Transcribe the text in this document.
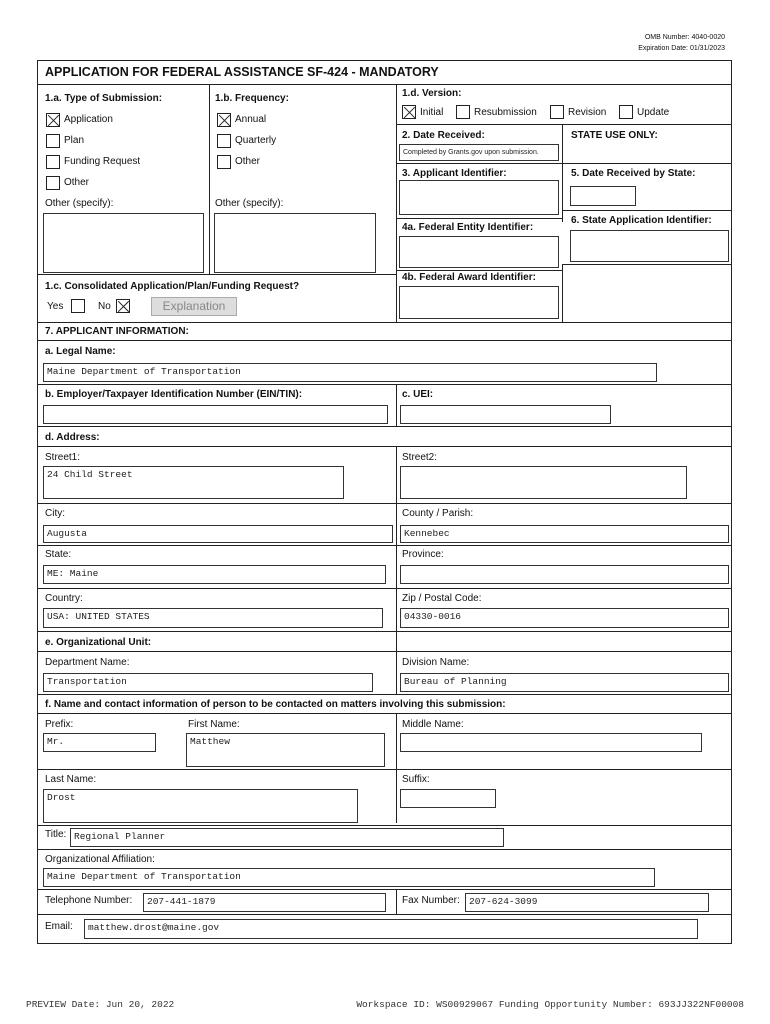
OMB Number: 4040-0020
Expiration Date: 01/31/2023
APPLICATION FOR FEDERAL ASSISTANCE SF-424 - MANDATORY
1.a. Type of Submission:
Application
Plan
Funding Request
Other
Other (specify):
1.b. Frequency:
Annual
Quarterly
Other
Other (specify):
1.c. Consolidated Application/Plan/Funding Request?
Yes	No	Explanation
1.d. Version:
Initial	Resubmission	Revision	Update
2. Date Received:
Completed by Grants.gov upon submission.
STATE USE ONLY:
3. Applicant Identifier:	5. Date Received by State:
6. State Application Identifier:
4a. Federal Entity Identifier:
4b. Federal Award Identifier:
7. APPLICANT INFORMATION:
a. Legal Name:
Maine Department of Transportation
b. Employer/Taxpayer Identification Number (EIN/TIN):	c. UEI:
d. Address:
Street1:
24 Child Street
Street2:
City:
Augusta
County / Parish:
Kennebec
State:
ME: Maine
Province:
Country:
USA: UNITED STATES
Zip / Postal Code:
04330-0016
e. Organizational Unit:
Department Name:
Transportation
Division Name:
Bureau of Planning
f. Name and contact information of person to be contacted on matters involving this submission:
Prefix:
Mr.
First Name:
Matthew
Middle Name:
Last Name:
Drost
Suffix:
Title: Regional Planner
Organizational Affiliation:
Maine Department of Transportation
Telephone Number:	207-441-1879	Fax Number: 207-624-3099
Email:	matthew.drost@maine.gov
PREVIEW Date: Jun 20, 2022	Workspace ID: WS00929067 Funding Opportunity Number: 693JJ322NF00008
